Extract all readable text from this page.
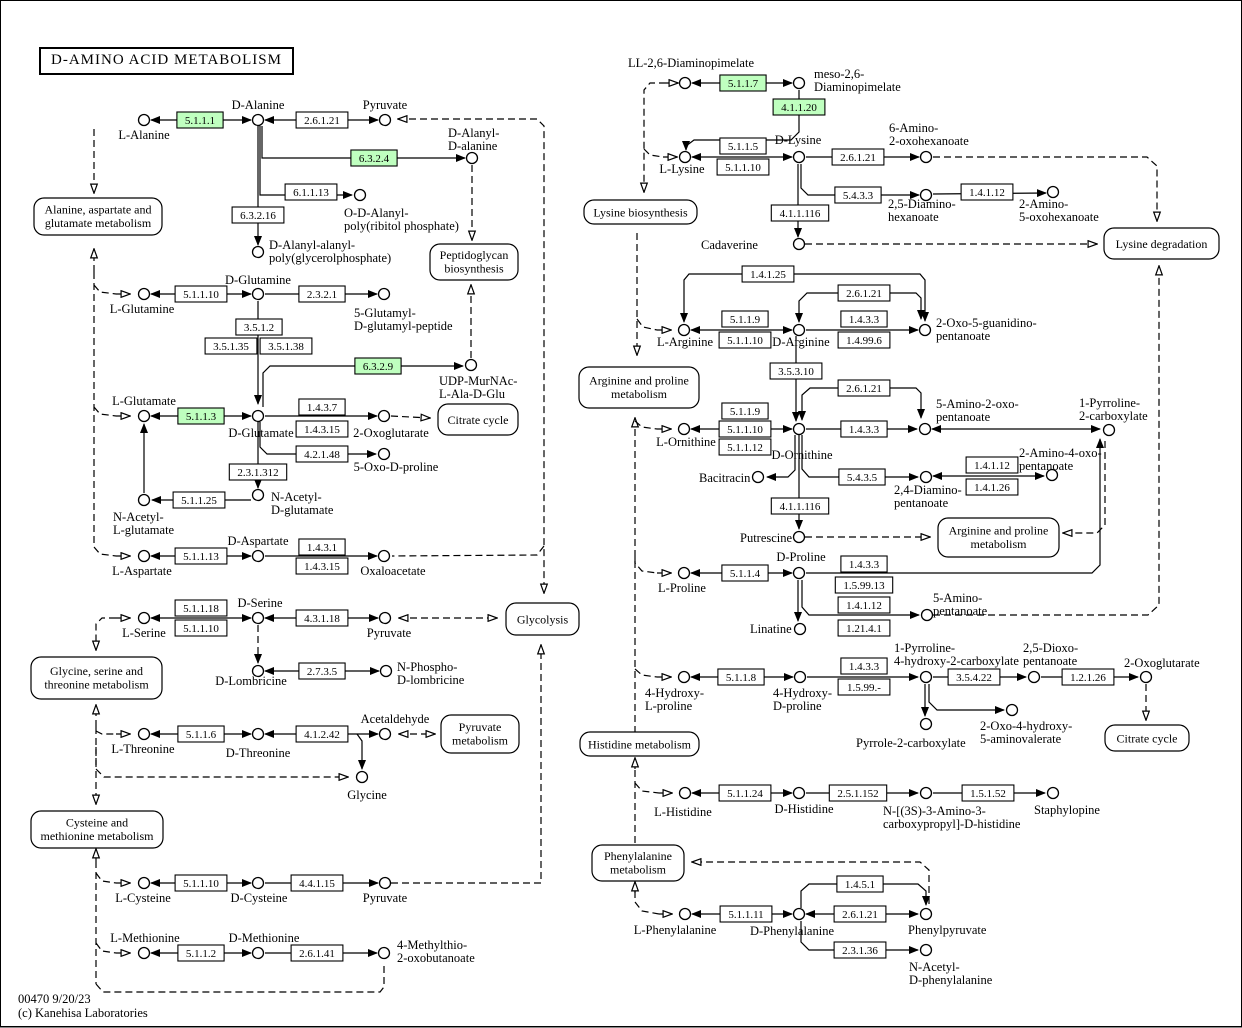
D-AMINO ACID METABOLISM
Alanine, aspartate and
glutamate metabolism
Peptidoglycan
biosynthesis
Citrate cycle
Glycolysis
Glycine, serine and
threonine metabolism
Pyruvate
metabolism
Cysteine and
methionine metabolism
Lysine biosynthesis
Lysine degradation
Arginine and proline
metabolism
Arginine and proline
metabolism
Citrate cycle
Histidine metabolism
Phenylalanine
metabolism
5.1.1.1	2.6.1.21
6.3.2.4
6.1.1.13
6.3.2.16
5.1.1.10	2.3.2.1
3.5.1.2
3.5.1.35 3.5.1.38
6.3.2.9
5.1.1.3
1.4.3.7
1.4.3.15
4.2.1.48
2.3.1.312
5.1.1.25
5.1.1.13
1.4.3.1
1.4.3.15
5.1.1.18
5.1.1.10
4.3.1.18
2.7.3.5
5.1.1.6	4.1.2.42
5.1.1.10	4.4.1.15
5.1.1.2	2.6.1.41
5.1.1.7
4.1.1.20
5.1.1.5
5.1.1.10
2.6.1.21
5.4.3.3	1.4.1.12
4.1.1.116
1.4.1.25
5.1.1.9
5.1.1.10
2.6.1.21
1.4.3.3
1.4.99.6
3.5.3.10
5.1.1.9
5.1.1.10
5.1.1.12
2.6.1.21
1.4.3.3
5.4.3.5
1.4.1.12
1.4.1.26
4.1.1.116
5.1.1.4
1.4.3.3
1.5.99.13
1.4.1.12
1.21.4.1
5.1.1.8
1.4.3.3
1.5.99.-
3.5.4.22	1.2.1.26
5.1.1.24	2.5.1.152	1.5.1.52
5.1.1.11	2.6.1.21
1.4.5.1
2.3.1.36
D-Alanine	Pyruvate
L-Alanine	D-Alanyl-
D-alanine
O-D-Alanyl-
poly(ribitol phosphate)
D-Alanyl-alanyl-
poly(glycerolphosphate)
D-Glutamine
L-Glutamine	5-Glutamyl-
D-glutamyl-peptide
UDP-MurNAc-
L-Ala-D-Glu
L-Glutamate
D-Glutamate	2-Oxoglutarate
5-Oxo-D-proline
N-Acetyl-
D-glutamate
N-Acetyl-
L-glutamate
D-Aspartate
L-Aspartate	Oxaloacetate
D-Serine
L-Serine	Pyruvate
D-Lombricine
N-Phospho-
D-lombricine
L-Threonine	D-Threonine
Acetaldehyde
Glycine
L-Cysteine	D-Cysteine	Pyruvate
L-Methionine	D-Methionine	4-Methylthio-
2-oxobutanoate
LL-2,6-Diaminopimelate
meso-2,6-
Diaminopimelate
L-Lysine
D-Lysine
6-Amino-
2-oxohexanoate
2,5-Diamino-
hexanoate
2-Amino-
5-oxohexanoate
Cadaverine
L-Arginine	D-Arginine
2-Oxo-5-guanidino-
pentanoate
L-Ornithine
D-Ornithine
5-Amino-2-oxo-
pentanoate
Bacitracin
2,4-Diamino-
pentanoate
2-Amino-4-oxo-
pentanoate
Putrescine
1-Pyrroline-
2-carboxylate
D-Proline
L-Proline
Linatine
5-Amino-
pentanoate
4-Hydroxy-
L-proline
4-Hydroxy-
D-proline
1-Pyrroline-
4-hydroxy-2-carboxylate
2,5-Dioxo-
pentanoate	2-Oxoglutarate
Pyrrole-2-carboxylate
2-Oxo-4-hydroxy-
5-aminovalerate
L-Histidine	D-Histidine	N-[(3S)-3-Amino-3-
carboxypropyl]-D-histidine
Staphylopine
L-Phenylalanine	D-Phenylalanine	Phenylpyruvate
N-Acetyl-
D-phenylalanine
00470 9/20/23
(c) Kanehisa Laboratories
